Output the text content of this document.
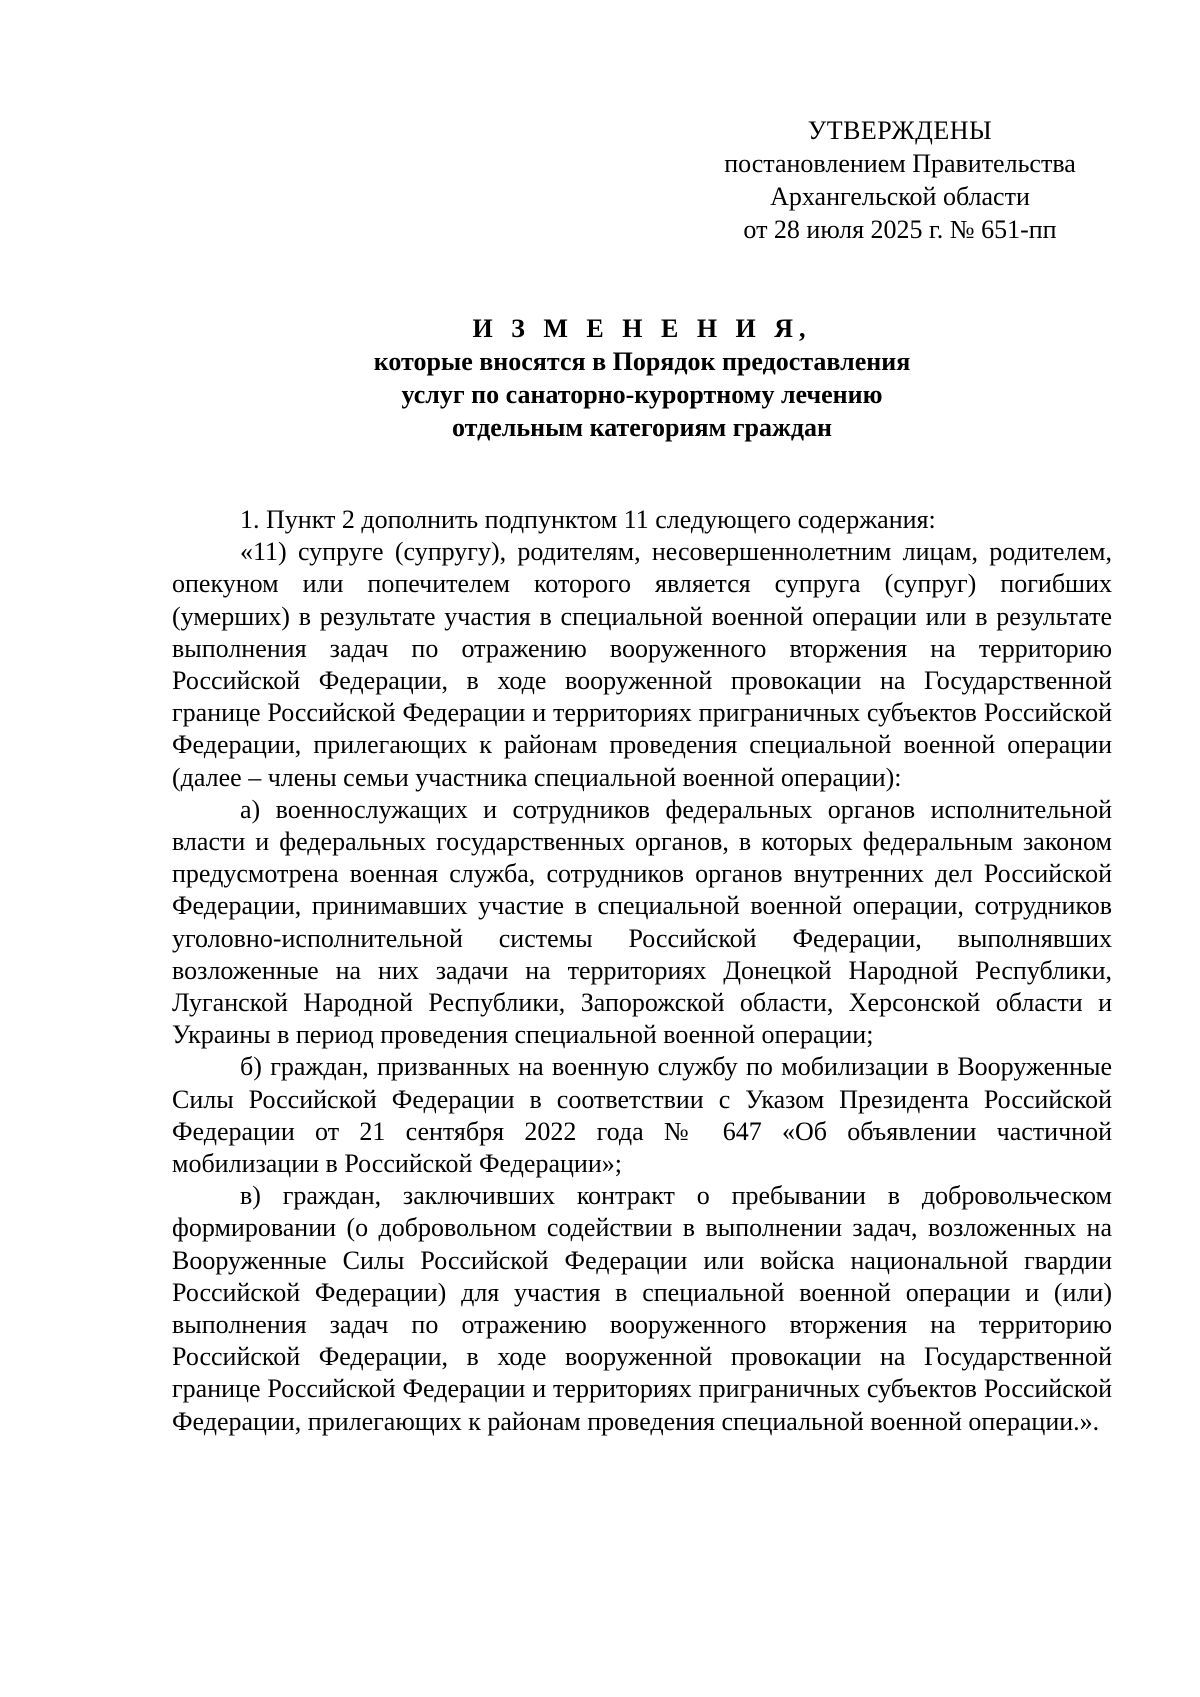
УТВЕРЖДЕНЫ
постановлением Правительства
Архангельской области
от 28 июля 2025 г. № 651-пп
И З М Е Н Е Н И Я,
которые вносятся в Порядок предоставления
услуг по санаторно-курортному лечению
отдельным категориям граждан

1. Пункт 2 дополнить подпунктом 11 следующего содержания:

«11) супруге (супругу), родителям, несовершеннолетним лицам, родителем, опекуном или попечителем которого является супруга (супруг) погибших (умерших) в результате участия в специальной военной операции или в результате выполнения задач по отражению вооруженного вторжения на территорию Российской Федерации, в ходе вооруженной провокации на Государственной границе Российской Федерации и территориях приграничных субъектов Российской Федерации, прилегающих к районам проведения специальной военной операции (далее – члены семьи участника специальной военной операции):

а) военнослужащих и сотрудников федеральных органов исполнительной власти и федеральных государственных органов, в которых федеральным законом предусмотрена военная служба, сотрудников органов внутренних дел Российской Федерации, принимавших участие в специальной военной операции, сотрудников уголовно-исполнительной системы Российской Федерации, выполнявших возложенные на них задачи на территориях Донецкой Народной Республики, Луганской Народной Республики, Запорожской области, Херсонской области и Украины в период проведения специальной военной операции;

б) граждан, призванных на военную службу по мобилизации в Вооруженные Силы Российской Федерации в соответствии с Указом Президента Российской Федерации от 21 сентября 2022 года № 647 «Об объявлении частичной мобилизации в Российской Федерации»;

в) граждан, заключивших контракт о пребывании в добровольческом формировании (о добровольном содействии в выполнении задач, возложенных на Вооруженные Силы Российской Федерации или войска национальной гвардии Российской Федерации) для участия в специальной военной операции и (или) выполнения задач по отражению вооруженного вторжения на территорию Российской Федерации, в ходе вооруженной провокации на Государственной границе Российской Федерации и территориях приграничных субъектов Российской Федерации, прилегающих к районам проведения специальной военной операции.».
